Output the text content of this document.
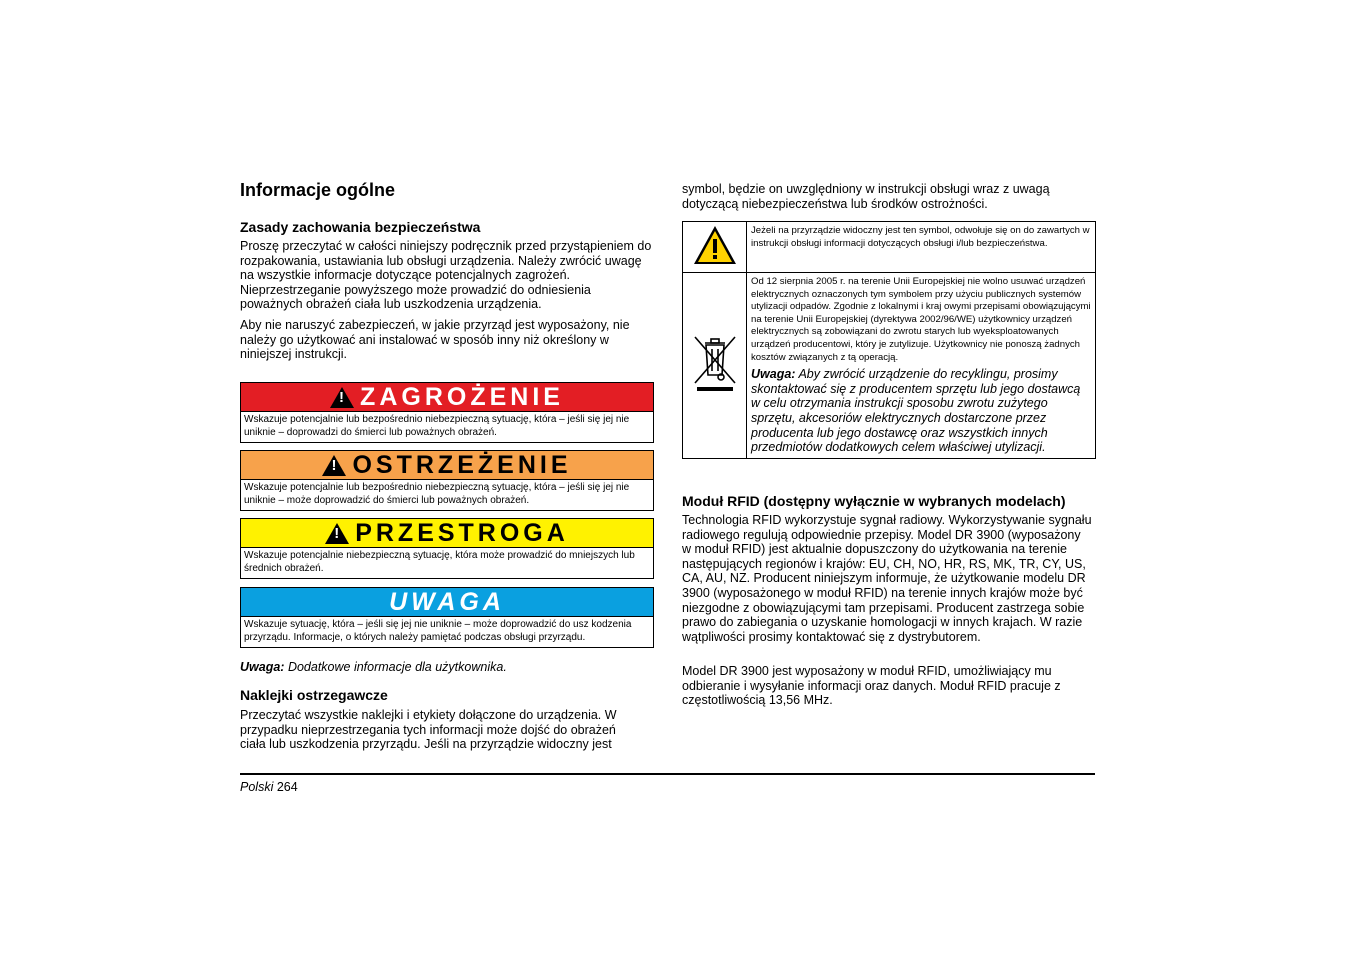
Informacje ogólne
Zasady zachowania bezpieczeństwa

Proszę przeczytać w całości niniejszy podręcznik przed przystąpieniem do rozpakowania, ustawiania lub obsługi urządzenia. Należy zwrócić uwagę na wszystkie informacje dotyczące potencjalnych zagrożeń. Nieprzestrzeganie powyższego może prowadzić do odniesienia poważnych obrażeń ciała lub uszkodzenia urządzenia.

Aby nie naruszyć zabezpieczeń, w jakie przyrząd jest wyposażony, nie należy go użytkować ani instalować w sposób inny niż określony w niniejszej instrukcji.

!
ZAGROŻENIE
Wskazuje potencjalnie lub bezpośrednio niebezpieczną sytuację, która – jeśli się jej nie uniknie – doprowadzi do śmierci lub poważnych obrażeń.
!
OSTRZEŻENIE
Wskazuje potencjalnie lub bezpośrednio niebezpieczną sytuację, która – jeśli się jej nie uniknie – może doprowadzić do śmierci lub poważnych obrażeń.
!
PRZESTROGA
Wskazuje potencjalnie niebezpieczną sytuację, która może prowadzić do mniejszych lub średnich obrażeń.
UWAGA
Wskazuje sytuację, która – jeśli się jej nie uniknie – może doprowadzić do usz kodzenia przyrządu. Informacje, o których należy pamiętać podczas obsługi przyrządu.

Uwaga: Dodatkowe informacje dla użytkownika.

Naklejki ostrzegawcze

Przeczytać wszystkie naklejki i etykiety dołączone do urządzenia. W przypadku nieprzestrzegania tych informacji może dojść do obrażeń ciała lub uszkodzenia przyrządu. Jeśli na przyrządzie widoczny jest

symbol, będzie on uwzględniony w instrukcji obsługi wraz z uwagą dotyczącą niebezpieczeństwa lub środków ostrożności.

	Jeżeli na przyrządzie widoczny jest ten symbol, odwołuje się on do zawartych w instrukcji obsługi informacji dotyczących obsługi i/lub bezpieczeństwa.
	Od 12 sierpnia 2005 r. na terenie Unii Europejskiej nie wolno usuwać urządzeń elektrycznych oznaczonych tym symbolem przy użyciu publicznych systemów utylizacji odpadów. Zgodnie z lokalnymi i kraj owymi przepisami obowiązującymi na terenie Unii Europejskiej (dyrektywa 2002/96/WE) użytkownicy urządzeń elektrycznych są zobowiązani do zwrotu starych lub wyeksploatowanych urządzeń producentowi, który je zutylizuje. Użytkownicy nie ponoszą żadnych kosztów związanych z tą operacją.
Uwaga: Aby zwrócić urządzenie do recyklingu, prosimy skontaktować się z producentem sprzętu lub jego dostawcą w celu otrzymania instrukcji sposobu zwrotu zużytego sprzętu, akcesoriów elektrycznych dostarczone przez producenta lub jego dostawcę oraz wszystkich innych przedmiotów dodatkowych celem właściwej utylizacji.
Moduł RFID (dostępny wyłącznie w wybranych modelach)

Technologia RFID wykorzystuje sygnał radiowy. Wykorzystywanie sygnału radiowego regulują odpowiednie przepisy. Model DR 3900 (wyposażony w moduł RFID) jest aktualnie dopuszczony do użytkowania na terenie następujących regionów i krajów: EU, CH, NO, HR, RS, MK, TR, CY, US, CA, AU, NZ. Producent niniejszym informuje, że użytkowanie modelu DR 3900 (wyposażonego w moduł RFID) na terenie innych krajów może być niezgodne z obowiązującymi tam przepisami. Producent zastrzega sobie prawo do zabiegania o uzyskanie homologacji w innych krajach. W razie wątpliwości prosimy kontaktować się z dystrybutorem.

Model DR 3900 jest wyposażony w moduł RFID, umożliwiający mu odbieranie i wysyłanie informacji oraz danych. Moduł RFID pracuje z częstotliwością 13,56 MHz.

Polski 264
